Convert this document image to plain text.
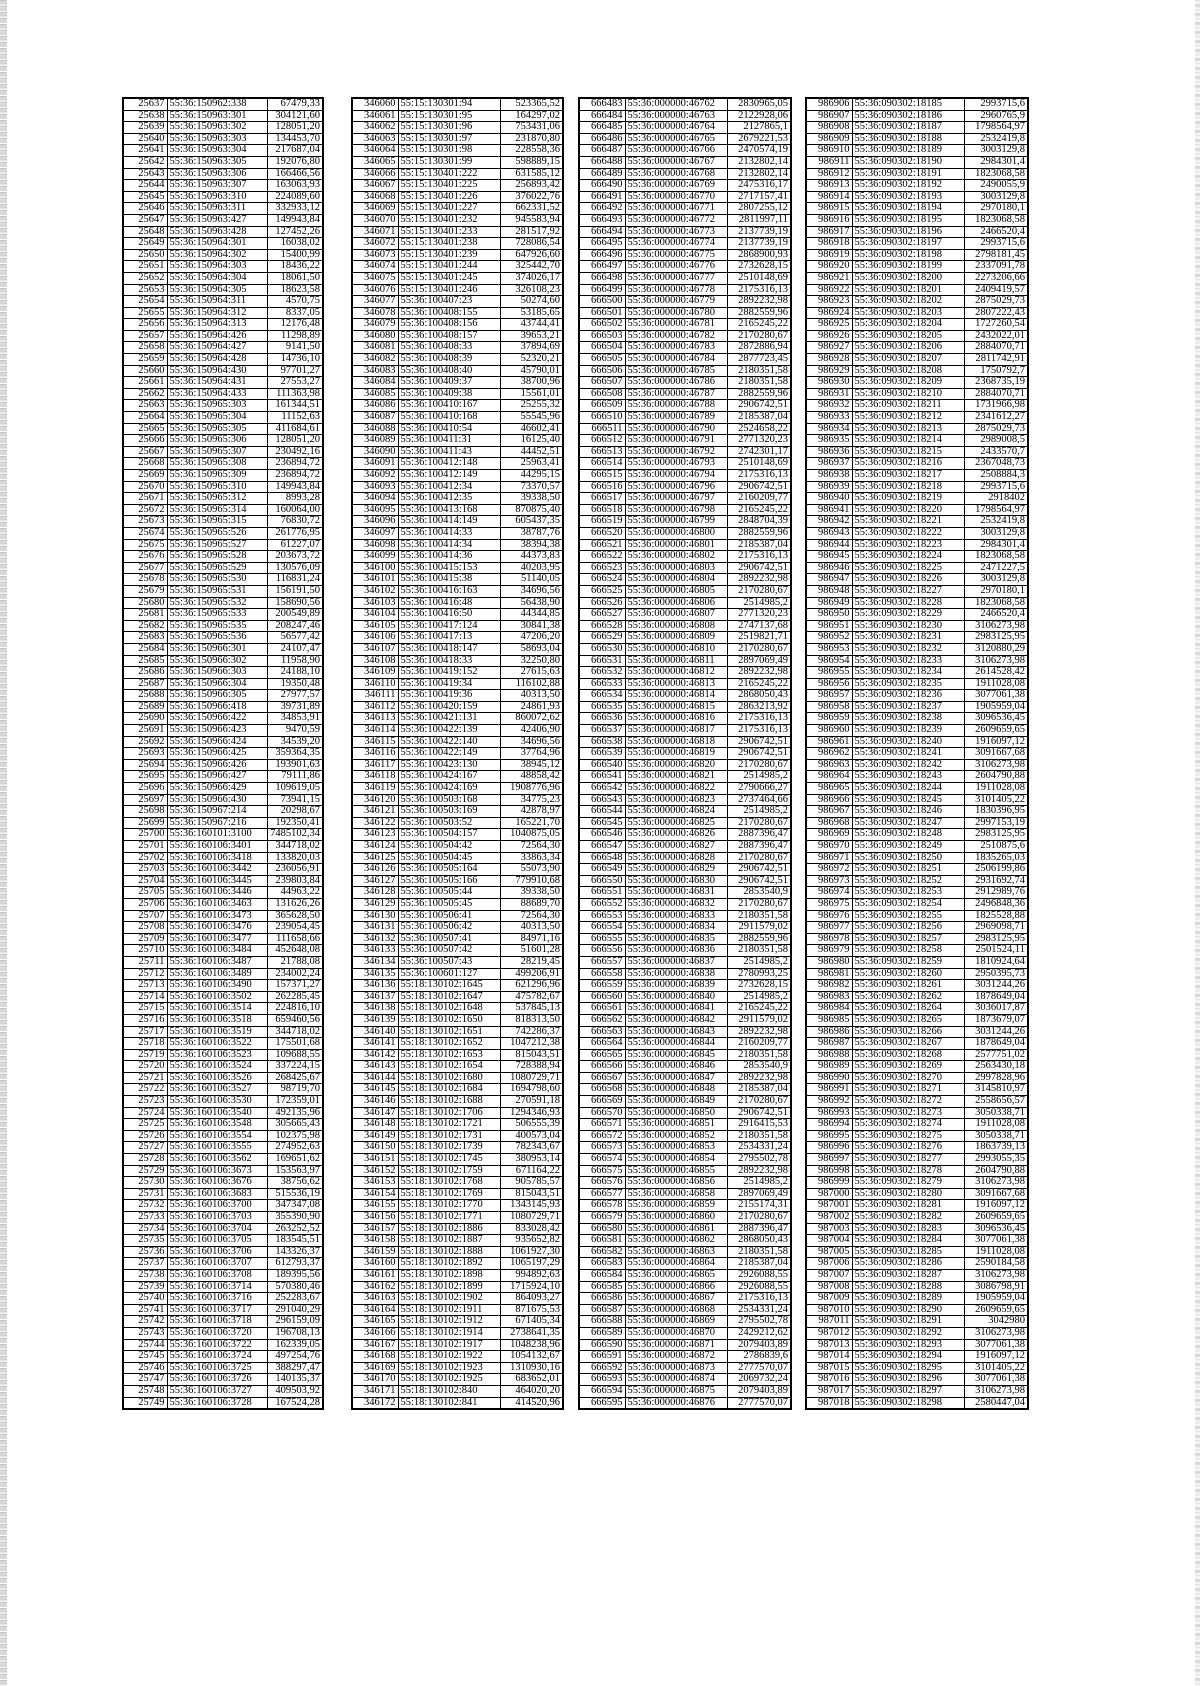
25637	55:36:150962:338	67479,33
25638	55:36:150963:301	304121,60
25639	55:36:150963:302	128051,20
25640	55:36:150963:303	134453,70
25641	55:36:150963:304	217687,04
25642	55:36:150963:305	192076,80
25643	55:36:150963:306	166466,56
25644	55:36:150963:307	163063,93
25645	55:36:150963:310	224089,60
25646	55:36:150963:311	332933,12
25647	55:36:150963:427	149943,84
25648	55:36:150963:428	127452,26
25649	55:36:150964:301	16038,02
25650	55:36:150964:302	15400,99
25651	55:36:150964:303	18436,22
25652	55:36:150964:304	18061,50
25653	55:36:150964:305	18623,58
25654	55:36:150964:311	4570,75
25655	55:36:150964:312	8337,05
25656	55:36:150964:313	12176,48
25657	55:36:150964:426	11298,89
25658	55:36:150964:427	9141,50
25659	55:36:150964:428	14736,10
25660	55:36:150964:430	97701,27
25661	55:36:150964:431	27553,27
25662	55:36:150964:433	111363,98
25663	55:36:150965:303	161344,51
25664	55:36:150965:304	11152,63
25665	55:36:150965:305	411684,61
25666	55:36:150965:306	128051,20
25667	55:36:150965:307	230492,16
25668	55:36:150965:308	236894,72
25669	55:36:150965:309	236894,72
25670	55:36:150965:310	149943,84
25671	55:36:150965:312	8993,28
25672	55:36:150965:314	160064,00
25673	55:36:150965:315	76830,72
25674	55:36:150965:526	261776,95
25675	55:36:150965:527	61227,07
25676	55:36:150965:528	203673,72
25677	55:36:150965:529	130576,09
25678	55:36:150965:530	116831,24
25679	55:36:150965:531	156191,50
25680	55:36:150965:532	158690,56
25681	55:36:150965:533	200549,89
25682	55:36:150965:535	208247,46
25683	55:36:150965:536	56577,42
25684	55:36:150966:301	24107,47
25685	55:36:150966:302	11958,90
25686	55:36:150966:303	24188,10
25687	55:36:150966:304	19350,48
25688	55:36:150966:305	27977,57
25689	55:36:150966:418	39731,89
25690	55:36:150966:422	34853,91
25691	55:36:150966:423	9470,59
25692	55:36:150966:424	34539,20
25693	55:36:150966:425	359364,35
25694	55:36:150966:426	193901,63
25695	55:36:150966:427	79111,86
25696	55:36:150966:429	109619,05
25697	55:36:150966:430	73941,15
25698	55:36:150967:214	20298,67
25699	55:36:150967:216	192350,41
25700	55:36:160101:3100	7485102,34
25701	55:36:160106:3401	344718,02
25702	55:36:160106:3418	133820,03
25703	55:36:160106:3442	236056,91
25704	55:36:160106:3445	239803,84
25705	55:36:160106:3446	44963,22
25706	55:36:160106:3463	131626,26
25707	55:36:160106:3473	365628,50
25708	55:36:160106:3476	239054,45
25709	55:36:160106:3477	111658,66
25710	55:36:160106:3484	452648,08
25711	55:36:160106:3487	21788,08
25712	55:36:160106:3489	234002,24
25713	55:36:160106:3490	157371,27
25714	55:36:160106:3502	262285,45
25715	55:36:160106:3514	224816,10
25716	55:36:160106:3518	659460,56
25717	55:36:160106:3519	344718,02
25718	55:36:160106:3522	175501,68
25719	55:36:160106:3523	109688,55
25720	55:36:160106:3524	337224,15
25721	55:36:160106:3526	268425,67
25722	55:36:160106:3527	98719,70
25723	55:36:160106:3530	172359,01
25724	55:36:160106:3540	492135,96
25725	55:36:160106:3548	305665,43
25726	55:36:160106:3554	102375,98
25727	55:36:160106:3555	274952,63
25728	55:36:160106:3562	169651,62
25729	55:36:160106:3673	153563,97
25730	55:36:160106:3676	38756,62
25731	55:36:160106:3683	515536,19
25732	55:36:160106:3700	347347,08
25733	55:36:160106:3703	355390,90
25734	55:36:160106:3704	263252,52
25735	55:36:160106:3705	183545,51
25736	55:36:160106:3706	143326,37
25737	55:36:160106:3707	612793,37
25738	55:36:160106:3708	189395,56
25739	55:36:160106:3714	570380,46
25740	55:36:160106:3716	252283,67
25741	55:36:160106:3717	291040,29
25742	55:36:160106:3718	296159,09
25743	55:36:160106:3720	196708,13
25744	55:36:160106:3722	162339,05
25745	55:36:160106:3724	497254,76
25746	55:36:160106:3725	388297,47
25747	55:36:160106:3726	140135,37
25748	55:36:160106:3727	409503,92
25749	55:36:160106:3728	167524,28
346060	55:15:130301:94	523365,52
346061	55:15:130301:95	164297,02
346062	55:15:130301:96	753431,06
346063	55:15:130301:97	231870,80
346064	55:15:130301:98	228558,36
346065	55:15:130301:99	598889,15
346066	55:15:130401:222	631585,12
346067	55:15:130401:225	256893,42
346068	55:15:130401:226	376022,76
346069	55:15:130401:227	662331,52
346070	55:15:130401:232	945583,94
346071	55:15:130401:233	281517,92
346072	55:15:130401:238	728086,54
346073	55:15:130401:239	647926,60
346074	55:15:130401:244	325442,70
346075	55:15:130401:245	374026,17
346076	55:15:130401:246	326108,23
346077	55:36:100407:23	50274,60
346078	55:36:100408:155	53185,65
346079	55:36:100408:156	43744,41
346080	55:36:100408:157	39653,21
346081	55:36:100408:33	37894,69
346082	55:36:100408:39	52320,21
346083	55:36:100408:40	45790,01
346084	55:36:100409:37	38700,96
346085	55:36:100409:38	15561,01
346086	55:36:100410:167	25255,32
346087	55:36:100410:168	55545,96
346088	55:36:100410:54	46602,41
346089	55:36:100411:31	16125,40
346090	55:36:100411:43	44452,51
346091	55:36:100412:148	25963,41
346092	55:36:100412:149	44295,15
346093	55:36:100412:34	73370,57
346094	55:36:100412:35	39338,50
346095	55:36:100413:168	870875,40
346096	55:36:100414:149	605437,35
346097	55:36:100414:33	38787,76
346098	55:36:100414:34	38394,38
346099	55:36:100414:36	44373,83
346100	55:36:100415:153	40203,95
346101	55:36:100415:38	51140,05
346102	55:36:100416:163	34696,56
346103	55:36:100416:48	56438,90
346104	55:36:100416:50	44344,85
346105	55:36:100417:124	30841,38
346106	55:36:100417:13	47206,20
346107	55:36:100418:147	58693,04
346108	55:36:100418:33	32250,80
346109	55:36:100419:152	27615,63
346110	55:36:100419:34	116102,88
346111	55:36:100419:36	40313,50
346112	55:36:100420:159	24861,93
346113	55:36:100421:131	860072,62
346114	55:36:100422:139	42406,90
346115	55:36:100422:140	34696,56
346116	55:36:100422:149	37764,96
346117	55:36:100423:130	38945,12
346118	55:36:100424:167	48858,42
346119	55:36:100424:169	1908776,96
346120	55:36:100503:168	34775,23
346121	55:36:100503:169	42878,97
346122	55:36:100503:52	165221,70
346123	55:36:100504:157	1040875,05
346124	55:36:100504:42	72564,30
346125	55:36:100504:45	33863,34
346126	55:36:100505:164	55073,90
346127	55:36:100505:166	779910,68
346128	55:36:100505:44	39338,50
346129	55:36:100505:45	88689,70
346130	55:36:100506:41	72564,30
346131	55:36:100506:42	40313,50
346132	55:36:100507:41	84971,16
346133	55:36:100507:42	51601,28
346134	55:36:100507:43	28219,45
346135	55:36:100601:127	499206,91
346136	55:18:130102:1645	621296,96
346137	55:18:130102:1647	475782,67
346138	55:18:130102:1648	537845,13
346139	55:18:130102:1650	818313,50
346140	55:18:130102:1651	742286,37
346141	55:18:130102:1652	1047212,38
346142	55:18:130102:1653	815043,51
346143	55:18:130102:1654	728388,94
346144	55:18:130102:1680	1080729,71
346145	55:18:130102:1684	1694798,60
346146	55:18:130102:1688	270591,18
346147	55:18:130102:1706	1294346,93
346148	55:18:130102:1721	506555,39
346149	55:18:130102:1731	400573,04
346150	55:18:130102:1739	782343,67
346151	55:18:130102:1745	380953,14
346152	55:18:130102:1759	671164,22
346153	55:18:130102:1768	905785,57
346154	55:18:130102:1769	815043,51
346155	55:18:130102:1770	1343145,93
346156	55:18:130102:1771	1080729,71
346157	55:18:130102:1886	833028,42
346158	55:18:130102:1887	935652,82
346159	55:18:130102:1888	1061927,30
346160	55:18:130102:1892	1065197,29
346161	55:18:130102:1898	994892,63
346162	55:18:130102:1899	1715924,10
346163	55:18:130102:1902	864093,27
346164	55:18:130102:1911	871675,53
346165	55:18:130102:1912	671405,34
346166	55:18:130102:1914	2738641,35
346167	55:18:130102:1917	1048238,96
346168	55:18:130102:1922	1054132,67
346169	55:18:130102:1923	1310930,16
346170	55:18:130102:1925	683652,01
346171	55:18:130102:840	464020,20
346172	55:18:130102:841	414520,96
666483	55:36:000000:46762	2830965,05
666484	55:36:000000:46763	2122928,06
666485	55:36:000000:46764	2127865,1
666486	55:36:000000:46765	2679221,53
666487	55:36:000000:46766	2470574,19
666488	55:36:000000:46767	2132802,14
666489	55:36:000000:46768	2132802,14
666490	55:36:000000:46769	2475316,17
666491	55:36:000000:46770	2717157,41
666492	55:36:000000:46771	2807255,12
666493	55:36:000000:46772	2811997,11
666494	55:36:000000:46773	2137739,19
666495	55:36:000000:46774	2137739,19
666496	55:36:000000:46775	2868900,93
666497	55:36:000000:46776	2732628,15
666498	55:36:000000:46777	2510148,69
666499	55:36:000000:46778	2175316,13
666500	55:36:000000:46779	2892232,98
666501	55:36:000000:46780	2882559,96
666502	55:36:000000:46781	2165245,22
666503	55:36:000000:46782	2170280,67
666504	55:36:000000:46783	2872886,94
666505	55:36:000000:46784	2877723,45
666506	55:36:000000:46785	2180351,58
666507	55:36:000000:46786	2180351,58
666508	55:36:000000:46787	2882559,96
666509	55:36:000000:46788	2906742,51
666510	55:36:000000:46789	2185387,04
666511	55:36:000000:46790	2524658,22
666512	55:36:000000:46791	2771320,23
666513	55:36:000000:46792	2742301,17
666514	55:36:000000:46793	2510148,69
666515	55:36:000000:46794	2175316,13
666516	55:36:000000:46796	2906742,51
666517	55:36:000000:46797	2160209,77
666518	55:36:000000:46798	2165245,22
666519	55:36:000000:46799	2848704,39
666520	55:36:000000:46800	2882559,96
666521	55:36:000000:46801	2185387,04
666522	55:36:000000:46802	2175316,13
666523	55:36:000000:46803	2906742,51
666524	55:36:000000:46804	2892232,98
666525	55:36:000000:46805	2170280,67
666526	55:36:000000:46806	2514985,2
666527	55:36:000000:46807	2771320,23
666528	55:36:000000:46808	2747137,68
666529	55:36:000000:46809	2519821,71
666530	55:36:000000:46810	2170280,67
666531	55:36:000000:46811	2897069,49
666532	55:36:000000:46812	2892232,98
666533	55:36:000000:46813	2165245,22
666534	55:36:000000:46814	2868050,43
666535	55:36:000000:46815	2863213,92
666536	55:36:000000:46816	2175316,13
666537	55:36:000000:46817	2175316,13
666538	55:36:000000:46818	2906742,51
666539	55:36:000000:46819	2906742,51
666540	55:36:000000:46820	2170280,67
666541	55:36:000000:46821	2514985,2
666542	55:36:000000:46822	2790666,27
666543	55:36:000000:46823	2737464,66
666544	55:36:000000:46824	2514985,2
666545	55:36:000000:46825	2170280,67
666546	55:36:000000:46826	2887396,47
666547	55:36:000000:46827	2887396,47
666548	55:36:000000:46828	2170280,67
666549	55:36:000000:46829	2906742,51
666550	55:36:000000:46830	2906742,51
666551	55:36:000000:46831	2853540,9
666552	55:36:000000:46832	2170280,67
666553	55:36:000000:46833	2180351,58
666554	55:36:000000:46834	2911579,02
666555	55:36:000000:46835	2882559,96
666556	55:36:000000:46836	2180351,58
666557	55:36:000000:46837	2514985,2
666558	55:36:000000:46838	2780993,25
666559	55:36:000000:46839	2732628,15
666560	55:36:000000:46840	2514985,2
666561	55:36:000000:46841	2165245,22
666562	55:36:000000:46842	2911579,02
666563	55:36:000000:46843	2892232,98
666564	55:36:000000:46844	2160209,77
666565	55:36:000000:46845	2180351,58
666566	55:36:000000:46846	2853540,9
666567	55:36:000000:46847	2892232,98
666568	55:36:000000:46848	2185387,04
666569	55:36:000000:46849	2170280,67
666570	55:36:000000:46850	2906742,51
666571	55:36:000000:46851	2916415,53
666572	55:36:000000:46852	2180351,58
666573	55:36:000000:46853	2534331,24
666574	55:36:000000:46854	2795502,78
666575	55:36:000000:46855	2892232,98
666576	55:36:000000:46856	2514985,2
666577	55:36:000000:46858	2897069,49
666578	55:36:000000:46859	2155174,31
666579	55:36:000000:46860	2170280,67
666580	55:36:000000:46861	2887396,47
666581	55:36:000000:46862	2868050,43
666582	55:36:000000:46863	2180351,58
666583	55:36:000000:46864	2185387,04
666584	55:36:000000:46865	2926088,55
666585	55:36:000000:46866	2926088,55
666586	55:36:000000:46867	2175316,13
666587	55:36:000000:46868	2534331,24
666588	55:36:000000:46869	2795502,78
666589	55:36:000000:46870	2429212,62
666590	55:36:000000:46871	2079403,89
666591	55:36:000000:46872	2786839,6
666592	55:36:000000:46873	2777570,07
666593	55:36:000000:46874	2069732,24
666594	55:36:000000:46875	2079403,89
666595	55:36:000000:46876	2777570,07
986906	55:36:090302:18185	2993715,6
986907	55:36:090302:18186	2960765,9
986908	55:36:090302:18187	1798564,97
986909	55:36:090302:18188	2532419,8
986910	55:36:090302:18189	3003129,8
986911	55:36:090302:18190	2984301,4
986912	55:36:090302:18191	1823068,58
986913	55:36:090302:18192	2490055,9
986914	55:36:090302:18193	3003129,8
986915	55:36:090302:18194	2970180,1
986916	55:36:090302:18195	1823068,58
986917	55:36:090302:18196	2466520,4
986918	55:36:090302:18197	2993715,6
986919	55:36:090302:18198	2798181,45
986920	55:36:090302:18199	2337091,78
986921	55:36:090302:18200	2273206,66
986922	55:36:090302:18201	2409419,57
986923	55:36:090302:18202	2875029,73
986924	55:36:090302:18203	2807222,43
986925	55:36:090302:18204	1727260,54
986926	55:36:090302:18205	2432022,01
986927	55:36:090302:18206	2884070,71
986928	55:36:090302:18207	2811742,91
986929	55:36:090302:18208	1750792,7
986930	55:36:090302:18209	2368735,19
986931	55:36:090302:18210	2884070,71
986932	55:36:090302:18211	1731966,98
986933	55:36:090302:18212	2341612,27
986934	55:36:090302:18213	2875029,73
986935	55:36:090302:18214	2989008,5
986936	55:36:090302:18215	2433570,7
986937	55:36:090302:18216	2367048,73
986938	55:36:090302:18217	2508884,3
986939	55:36:090302:18218	2993715,6
986940	55:36:090302:18219	2918402
986941	55:36:090302:18220	1798564,97
986942	55:36:090302:18221	2532419,8
986943	55:36:090302:18222	3003129,8
986944	55:36:090302:18223	2984301,4
986945	55:36:090302:18224	1823068,58
986946	55:36:090302:18225	2471227,5
986947	55:36:090302:18226	3003129,8
986948	55:36:090302:18227	2970180,1
986949	55:36:090302:18228	1823068,58
986950	55:36:090302:18229	2466520,4
986951	55:36:090302:18230	3106273,98
986952	55:36:090302:18231	2983125,95
986953	55:36:090302:18232	3120880,29
986954	55:36:090302:18233	3106273,98
986955	55:36:090302:18234	2614528,42
986956	55:36:090302:18235	1911028,08
986957	55:36:090302:18236	3077061,38
986958	55:36:090302:18237	1905959,04
986959	55:36:090302:18238	3096536,45
986960	55:36:090302:18239	2609659,65
986961	55:36:090302:18240	1916097,12
986962	55:36:090302:18241	3091667,68
986963	55:36:090302:18242	3106273,98
986964	55:36:090302:18243	2604790,88
986965	55:36:090302:18244	1911028,08
986966	55:36:090302:18245	3101405,22
986967	55:36:090302:18246	1830396,95
986968	55:36:090302:18247	2997153,19
986969	55:36:090302:18248	2983125,95
986970	55:36:090302:18249	2510875,6
986971	55:36:090302:18250	1835265,03
986972	55:36:090302:18251	2506199,86
986973	55:36:090302:18252	2931692,74
986974	55:36:090302:18253	2912989,76
986975	55:36:090302:18254	2496848,36
986976	55:36:090302:18255	1825528,88
986977	55:36:090302:18256	2969098,71
986978	55:36:090302:18257	2983125,95
986979	55:36:090302:18258	2501524,11
986980	55:36:090302:18259	1810924,64
986981	55:36:090302:18260	2950395,73
986982	55:36:090302:18261	3031244,26
986983	55:36:090302:18262	1878649,04
986984	55:36:090302:18264	3036017,87
986985	55:36:090302:18265	1873679,07
986986	55:36:090302:18266	3031244,26
986987	55:36:090302:18267	1878649,04
986988	55:36:090302:18268	2577751,02
986989	55:36:090302:18269	2563430,18
986990	55:36:090302:18270	2997828,96
986991	55:36:090302:18271	3145810,97
986992	55:36:090302:18272	2558656,57
986993	55:36:090302:18273	3050338,71
986994	55:36:090302:18274	1911028,08
986995	55:36:090302:18275	3050338,71
986996	55:36:090302:18276	1863739,13
986997	55:36:090302:18277	2993055,35
986998	55:36:090302:18278	2604790,88
986999	55:36:090302:18279	3106273,98
987000	55:36:090302:18280	3091667,68
987001	55:36:090302:18281	1916097,12
987002	55:36:090302:18282	2609659,65
987003	55:36:090302:18283	3096536,45
987004	55:36:090302:18284	3077061,38
987005	55:36:090302:18285	1911028,08
987006	55:36:090302:18286	2590184,58
987007	55:36:090302:18287	3106273,98
987008	55:36:090302:18288	3086798,91
987009	55:36:090302:18289	1905959,04
987010	55:36:090302:18290	2609659,65
987011	55:36:090302:18291	3042980
987012	55:36:090302:18292	3106273,98
987013	55:36:090302:18293	3077061,38
987014	55:36:090302:18294	1916097,12
987015	55:36:090302:18295	3101405,22
987016	55:36:090302:18296	3077061,38
987017	55:36:090302:18297	3106273,98
987018	55:36:090302:18298	2580447,04
